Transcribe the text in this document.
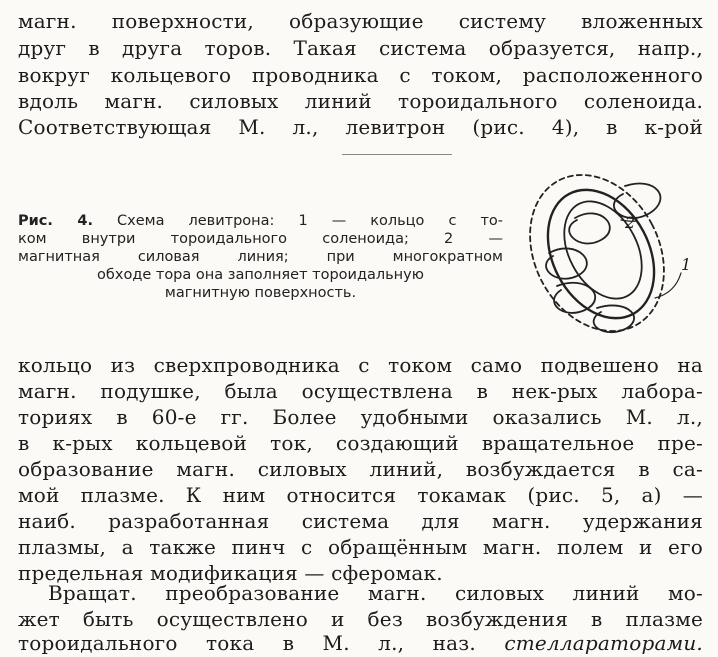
магн. поверхности, образующие систему вложенных
друг в друга торов. Такая система образуется, напр.,
вокруг кольцевого проводника с током, расположенного
вдоль магн. силовых линий тороидального соленоида.
Соответствующая М. л., левитрон (рис. 4), в к-рой
Рис. 4. Схема левитрона: 1 — кольцо с то-
ком внутри тороидального соленоида; 2 —
магнитная силовая линия; при многократном
обходе тора она заполняет тороидальную
магнитную поверхность.
2
1
кольцо из сверхпроводника с током само подвешено на
магн. подушке, была осуществлена в нек-рых лабора-
ториях в 60-е гг. Более удобными оказались М. л.,
в к-рых кольцевой ток, создающий вращательное пре-
образование магн. силовых линий, возбуждается в са-
мой плазме. К ним относится токамак (рис. 5, а) —
наиб. разработанная система для магн. удержания
плазмы, а также пинч с обращённым магн. полем и его
предельная модификация — сферомак.
Вращат. преобразование магн. силовых линий мо-
жет быть осуществлено и без возбуждения в плазме
тороидального тока в М. л., наз. стеллараторами.
